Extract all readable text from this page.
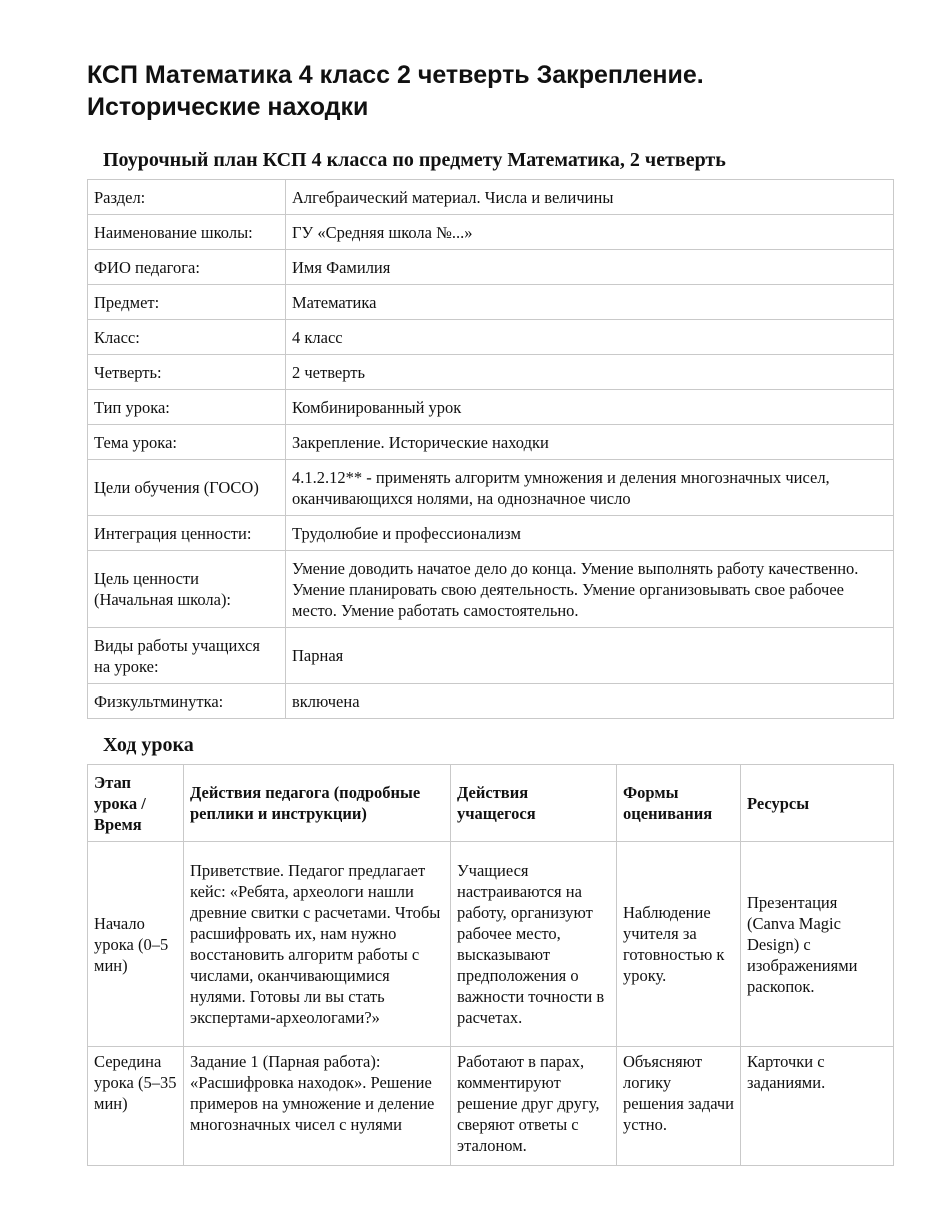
КСП Математика 4 класс 2 четверть Закрепление. Исторические находки
Поурочный план КСП 4 класса по предмету Математика, 2 четверть
Раздел:	Алгебраический материал. Числа и величины
Наименование школы:	ГУ «Средняя школа №...»
ФИО педагога:	Имя Фамилия
Предмет:	Математика
Класс:	4 класс
Четверть:	2 четверть
Тип урока:	Комбинированный урок
Тема урока:	Закрепление. Исторические находки
Цели обучения (ГОСО)	4.1.2.12** - применять алгоритм умножения и деления многозначных чисел, оканчивающихся нолями, на однозначное число
Интеграция ценности:	Трудолюбие и профессионализм
Цель ценности (Начальная школа):	Умение доводить начатое дело до конца. Умение выполнять работу качественно. Умение планировать свою деятельность. Умение организовывать свое рабочее место. Умение работать самостоятельно.
Виды работы учащихся на уроке:	Парная
Физкультминутка:	включена
Ход урока
Этап урока / Время	Действия педагога (подробные реплики и инструкции)	Действия учащегося	Формы оценивания	Ресурсы
Начало урока (0–5 мин)	Приветствие. Педагог предлагает кейс: «Ребята, археологи нашли древние свитки с расчетами. Чтобы расшифровать их, нам нужно восстановить алгоритм работы с числами, оканчивающимися нулями. Готовы ли вы стать экспертами-археологами?»	Учащиеся настраиваются на работу, организуют рабочее место, высказывают предположения о важности точности в расчетах.	Наблюдение учителя за готовностью к уроку.	Презентация (Canva Magic Design) с изображениями раскопок.
Середина урока (5–35 мин)	Задание 1 (Парная работа): «Расшифровка находок». Решение примеров на умножение и деление многозначных чисел с нулями	Работают в парах, комментируют решение друг другу, сверяют ответы с эталоном.	Объясняют логику решения задачи устно.	Карточки с заданиями.
